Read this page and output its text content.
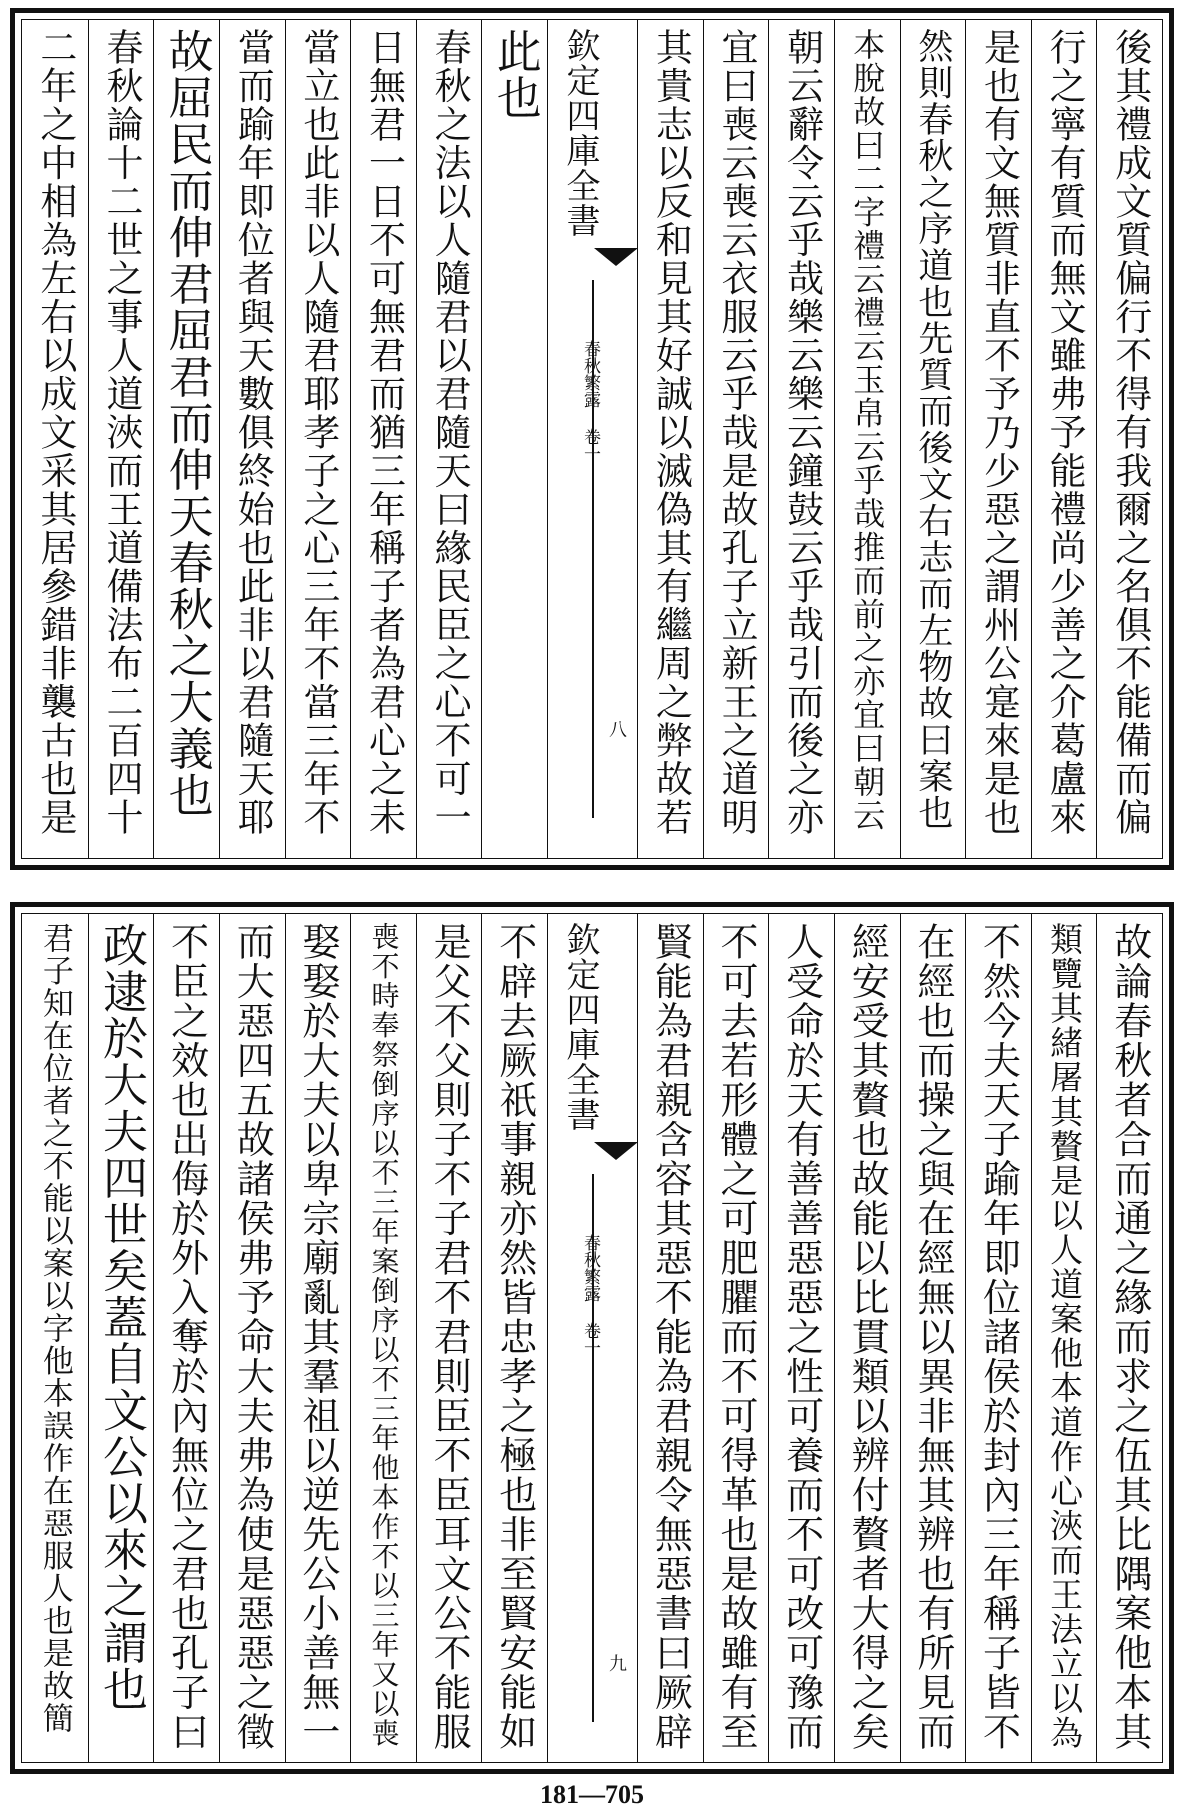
後其禮成文質偏行不得有我爾之名俱不能備而偏
行之寧有質而無文雖弗予能禮尚少善之介葛盧來
是也有文無質非直不予乃少惡之謂州公寔來是也
然則春秋之序道也先質而後文右志而左物故曰案也
本脫故曰二字禮云禮云玉帛云乎哉推而前之亦宜曰朝云
朝云辭令云乎哉樂云樂云鐘鼓云乎哉引而後之亦
宜曰喪云喪云衣服云乎哉是故孔子立新王之道明
其貴志以反和見其好誠以滅偽其有繼周之弊故若
欽定四庫全書
春秋繁露 卷一
八
此也
春秋之法以人隨君以君隨天曰緣民臣之心不可一
日無君一日不可無君而猶三年稱子者為君心之未
當立也此非以人隨君耶孝子之心三年不當三年不
當而踰年即位者與天數俱終始也此非以君隨天耶
故屈民而伸君屈君而伸天春秋之大義也
春秋論十二世之事人道浹而王道備法布二百四十
二年之中相為左右以成文采其居參錯非襲古也是
故論春秋者合而通之緣而求之伍其比隅案他本其
類覽其緒屠其贅是以人道案他本道作心浹而王法立以為
不然今夫天子踰年即位諸侯於封內三年稱子皆不
在經也而操之與在經無以異非無其辨也有所見而
經安受其贅也故能以比貫類以辨付贅者大得之矣
人受命於天有善善惡惡之性可養而不可改可豫而
不可去若形體之可肥臞而不可得革也是故雖有至
賢能為君親含容其惡不能為君親令無惡書曰厥辟
欽定四庫全書
春秋繁露 卷一
九
不辟去厥祇事親亦然皆忠孝之極也非至賢安能如
是父不父則子不子君不君則臣不臣耳文公不能服
喪不時奉祭倒序以不三年案倒序以不三年他本作不以三年又以喪
娶娶於大夫以卑宗廟亂其羣祖以逆先公小善無一
而大惡四五故諸侯弗予命大夫弗為使是惡惡之徵
不臣之效也出侮於外入奪於內無位之君也孔子曰
政逮於大夫四世矣蓋自文公以來之謂也
君子知在位者之不能以案以字他本誤作在惡服人也是故簡
181—705
